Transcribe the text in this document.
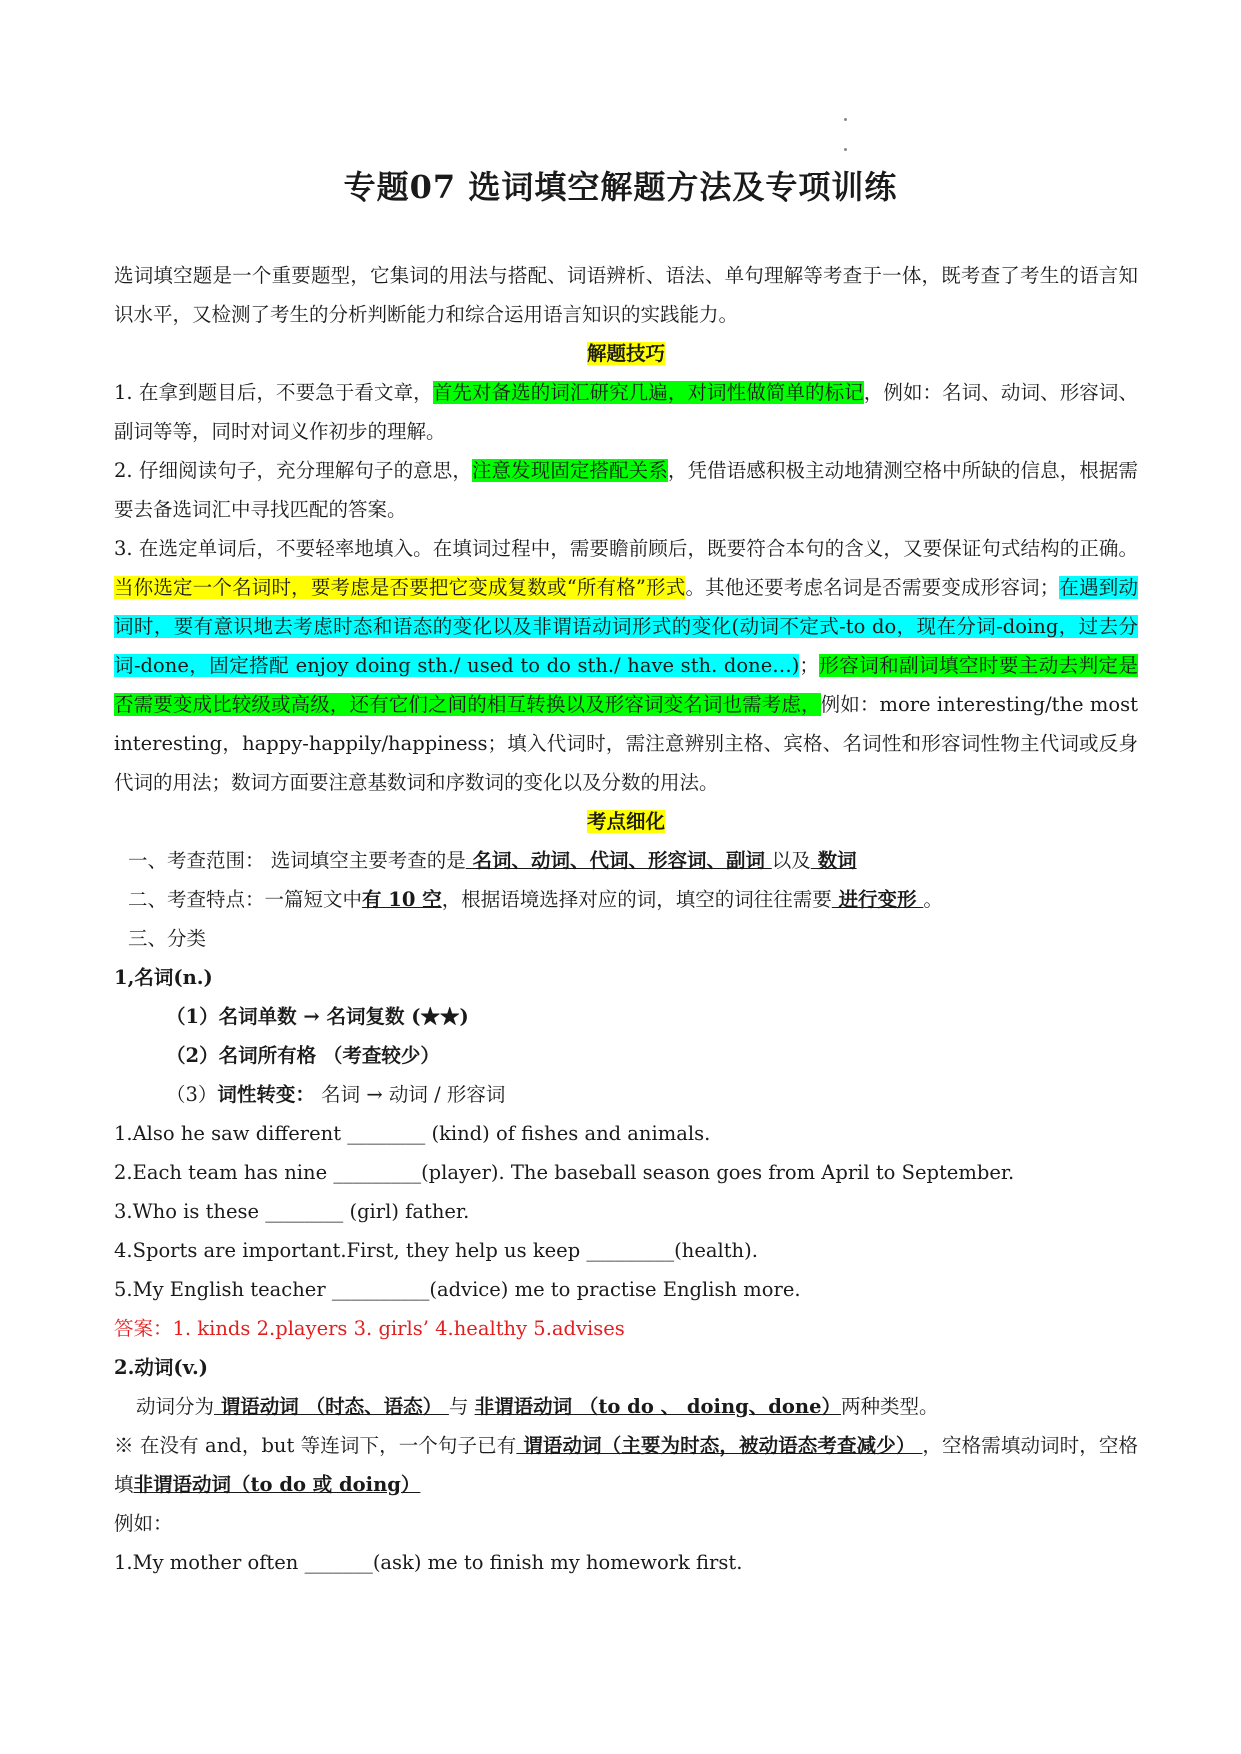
专题07 选词填空解题方法及专项训练

选词填空题是一个重要题型，它集词的用法与搭配、词语辨析、语法、单句理解等考查于一体，既考查了考生的语言知识水平，又检测了考生的分析判断能力和综合运用语言知识的实践能力。

解题技巧

1. 在拿到题目后，不要急于看文章，首先对备选的词汇研究几遍，对词性做简单的标记，例如：名词、动词、形容词、副词等等，同时对词义作初步的理解。

2. 仔细阅读句子，充分理解句子的意思，注意发现固定搭配关系，凭借语感积极主动地猜测空格中所缺的信息，根据需要去备选词汇中寻找匹配的答案。

3. 在选定单词后，不要轻率地填入。在填词过程中，需要瞻前顾后，既要符合本句的含义，又要保证句式结构的正确。当你选定一个名词时，要考虑是否要把它变成复数或“所有格”形式。其他还要考虑名词是否需要变成形容词；在遇到动词时，要有意识地去考虑时态和语态的变化以及非谓语动词形式的变化(动词不定式-to do，现在分词-doing，过去分词-done，固定搭配 enjoy doing sth./ used to do sth./ have sth. done…)；形容词和副词填空时要主动去判定是否需要变成比较级或高级，还有它们之间的相互转换以及形容词变名词也需考虑，例如：more interesting/the most interesting，happy-happily/happiness；填入代词时，需注意辨别主格、宾格、名词性和形容词性物主代词或反身代词的用法；数词方面要注意基数词和序数词的变化以及分数的用法。

考点细化

一、考查范围： 选词填空主要考查的是 名词、动词、代词、形容词、副词 以及 数词

二、考查特点：一篇短文中有 10 空，根据语境选择对应的词，填空的词往往需要 进行变形 。

三、分类

1,名词(n.)

（1）名词单数 → 名词复数 (★★)

（2）名词所有格 （考查较少）

（3）词性转变： 名词 → 动词 / 形容词

1.Also he saw different ________ (kind) of fishes and animals.

2.Each team has nine _________(player). The baseball season goes from April to September.

3.Who is these ________ (girl) father.

4.Sports are important.First, they help us keep _________(health).

5.My English teacher __________(advice) me to practise English more.

答案：1. kinds 2.players 3. girls’ 4.healthy 5.advises

2.动词(v.)

动词分为 谓语动词 （时态、语态） 与 非谓语动词 （to do 、 doing、done）两种类型。

※ 在没有 and，but 等连词下，一个句子已有 谓语动词（主要为时态，被动语态考查减少） ，空格需填动词时，空格填非谓语动词（to do 或 doing）

例如：

1.My mother often _______(ask) me to finish my homework first.
